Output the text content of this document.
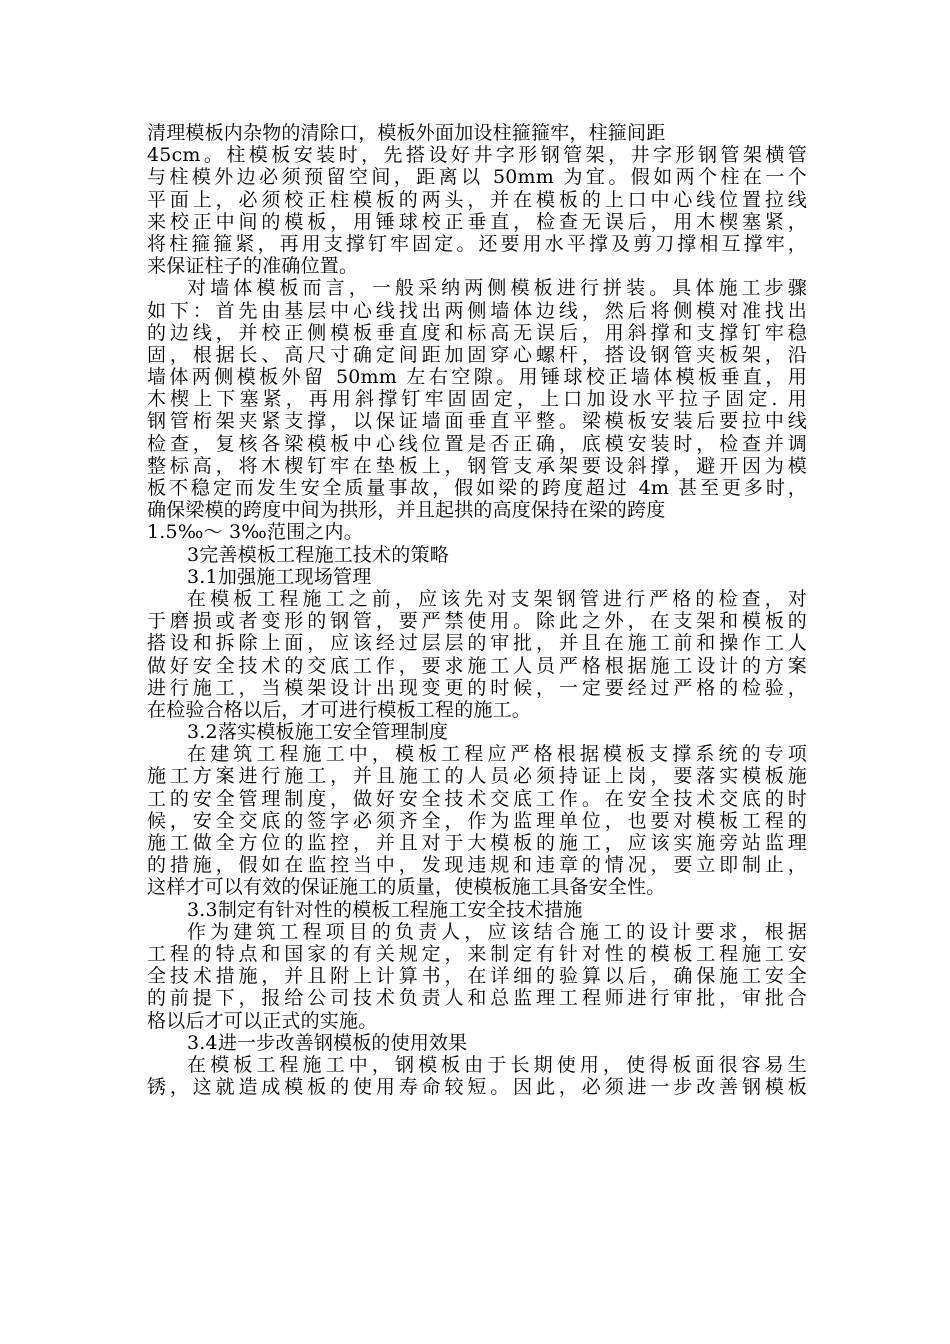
清理模板内杂物的清除口，模板外面加设柱箍箍牢，柱箍间距
45cm。柱模板安装时，先搭设好井字形钢管架，井字形钢管架横管
与柱模外边必须预留空间，距离以 50mm 为宜。假如两个柱在一个
平面上，必须校正柱模板的两头，并在模板的上口中心线位置拉线
来校正中间的模板，用锤球校正垂直，检查无误后，用木楔塞紧，
将柱箍箍紧，再用支撑钉牢固定。还要用水平撑及剪刀撑相互撑牢，
来保证柱子的准确位置。
对墙体模板而言，一般采纳两侧模板进行拼装。具体施工步骤
如下：首先由基层中心线找出两侧墙体边线，然后将侧模对准找出
的边线，并校正侧模板垂直度和标高无误后，用斜撑和支撑钉牢稳
固，根据长、高尺寸确定间距加固穿心螺杆，搭设钢管夹板架，沿
墙体两侧模板外留 50mm 左右空隙。用锤球校正墙体模板垂直，用
木楔上下塞紧，再用斜撑钉牢固固定，上口加设水平拉子固定. 用
钢管桁架夹紧支撑，以保证墙面垂直平整。梁模板安装后要拉中线
检查，复核各梁模板中心线位置是否正确，底模安装时，检查并调
整标高，将木楔钉牢在垫板上，钢管支承架要设斜撑，避开因为模
板不稳定而发生安全质量事故，假如梁的跨度超过 4m 甚至更多时，
确保梁模的跨度中间为拱形，并且起拱的高度保持在梁的跨度
1.5‰～ 3‰范围之内。
3完善模板工程施工技术的策略
3.1加强施工现场管理
在模板工程施工之前，应该先对支架钢管进行严格的检查，对
于磨损或者变形的钢管，要严禁使用。除此之外，在支架和模板的
搭设和拆除上面，应该经过层层的审批，并且在施工前和操作工人
做好安全技术的交底工作，要求施工人员严格根据施工设计的方案
进行施工，当模架设计出现变更的时候，一定要经过严格的检验，
在检验合格以后，才可进行模板工程的施工。
3.2落实模板施工安全管理制度
在建筑工程施工中，模板工程应严格根据模板支撑系统的专项
施工方案进行施工，并且施工的人员必须持证上岗，要落实模板施
工的安全管理制度，做好安全技术交底工作。在安全技术交底的时
候，安全交底的签字必须齐全，作为监理单位，也要对模板工程的
施工做全方位的监控，并且对于大模板的施工，应该实施旁站监理
的措施，假如在监控当中，发现违规和违章的情况，要立即制止，
这样才可以有效的保证施工的质量，使模板施工具备安全性。
3.3制定有针对性的模板工程施工安全技术措施
作为建筑工程项目的负责人，应该结合施工的设计要求，根据
工程的特点和国家的有关规定，来制定有针对性的模板工程施工安
全技术措施，并且附上计算书，在详细的验算以后，确保施工安全
的前提下，报给公司技术负责人和总监理工程师进行审批，审批合
格以后才可以正式的实施。
3.4进一步改善钢模板的使用效果
在模板工程施工中，钢模板由于长期使用，使得板面很容易生
锈，这就造成模板的使用寿命较短。因此，必须进一步改善钢模板
